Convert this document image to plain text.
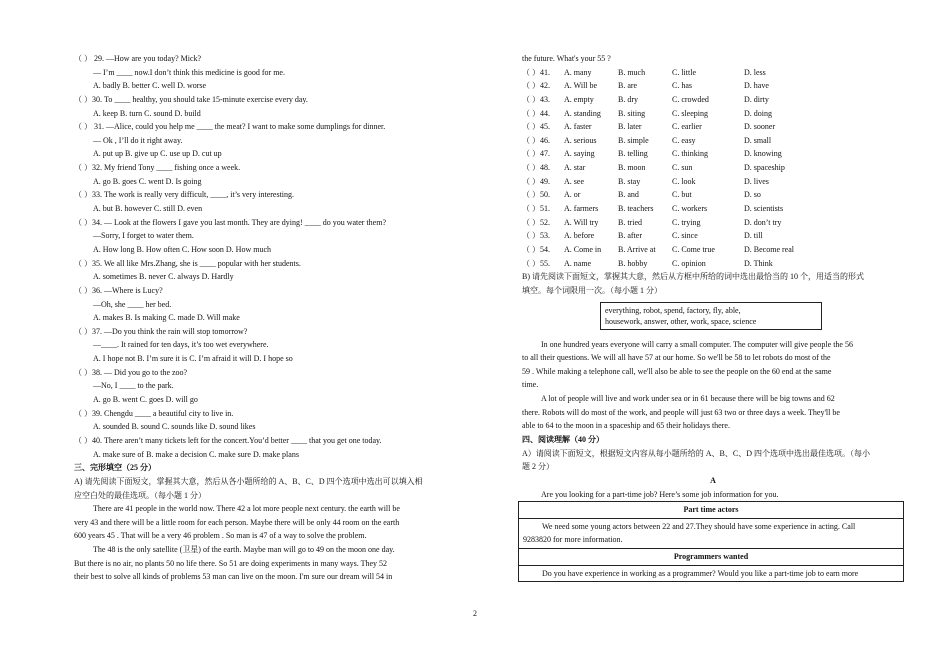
（ ） 29. —How are you today? Mick?
— I’m ____ now.I don’t think this medicine is good for me.
A. badly B. better C. well D. worse
（ ）30. To ____ healthy, you should take 15-minute exercise every day.
A. keep B. turn C. sound D. build
（ ） 31. —Alice, could you help me ____ the meat? I want to make some dumplings for dinner.
— Ok , I’ll do it right away.
A. put up B. give up C. use up D. cut up
（ ）32. My friend Tony ____ fishing once a week.
A. go B. goes C. went D. Is going
（ ）33. The work is really very difficult, ____, it’s very interesting.
A. but B. however C. still D. even
（ ）34. — Look at the flowers I gave you last month. They are dying! ____ do you water them?
—Sorry, I forget to water them.
A. How long B. How often C. How soon D. How much
（ ）35. We all like Mrs.Zhang, she is ____ popular with her students.
A. sometimes B. never C. always D. Hardly
（ ）36. —Where is Lucy?
—Oh, she ____ her bed.
A. makes B. Is making C. made D. Will make
（ ）37. —Do you think the rain will stop tomorrow?
—____. It rained for ten days, it’s too wet everywhere.
A. I hope not B. I’m sure it is C. I’m afraid it will D. I hope so
（ ）38. — Did you go to the zoo?
—No, I ____ to the park.
A. go B. went C. goes D. will go
（ ）39. Chengdu ____ a beautiful city to live in.
A. sounded B. sound C. sounds like D. sound likes
（ ）40. There aren’t many tickets left for the concert.You’d better ____ that you get one today.
A. make sure of B. make a decision C. make sure D. make plans
三、完形填空（25 分）
A) 请先阅读下面短文，掌握其大意，然后从各小题所给的 A、B、C、D 四个选项中选出可以填入相
应空白处的最佳选项。（每小题 1 分）
There are 41 people in the world now. There 42 a lot more people next century. the earth will be
very 43 and there will be a little room for each person. Maybe there will be only 44 room on the earth
600 years 45 . That will be a very 46 problem . So man is 47 of a way to solve the problem.
The 48 is the only satellite (卫星) of the earth. Maybe man will go to 49 on the moon one day.
But there is no air, no plants 50 no life there. So 51 are doing experiments in many ways. They 52
their best to solve all kinds of problems 53 man can live on the moon. I'm sure our dream will 54 in
the future. What's your 55 ?
（ ）41. A. many	B. much	C. little	D. less
（ ）42. A. Will be	B. are	C. has	D. have
（ ）43. A. empty	B. dry	C. crowded	D. dirty
（ ）44. A. standing B. siting	C. sleeping	D. doing
（ ）45. A. faster	B. later	C. earlier	D. sooner
（ ）46. A. serious	B. simple	C. easy	D. small
（ ）47. A. saying	B. telling	C. thinking	D. knowing
（ ）48. A. star	B. moon	C. sun	D. spaceship
（ ）49. A. see	B. stay	C. look	D. lives
（ ）50. A. or	B. and	C. but	D. so
（ ）51. A. farmers B. teachers C. workers	D. scientists
（ ）52. A. Will try B. tried	C. trying	D. don’t try
（ ）53. A. before	B. after	C. since	D. till
（ ）54. A. Come in B. Arrive at C. Come true	D. Become real
（ ）55. A. name	B. hobby	C. opinion	D. Think
B) 请先阅读下面短文，掌握其大意，然后从方框中所给的词中选出最恰当的 10 个，用适当的形式
填空。每个词限用一次。（每小题 1 分）
everything, robot, spend, factory, fly, able,
housework, answer, other, work, space, science
In one hundred years everyone will carry a small computer. The computer will give people the 56
to all their questions. We will all have 57 at our home. So we'll be 58 to let robots do most of the
59 . While making a telephone call, we'll also be able to see the people on the 60 end at the same
time.
A lot of people will live and work under sea or in 61 because there will be big towns and 62
there. Robots will do most of the work, and people will just 63 two or three days a week. They'll be
able to 64 to the moon in a spaceship and 65 their holidays there.
四、阅读理解（40 分）
A）请阅读下面短文，根据短文内容从每小题所给的 A、B、C、D 四个选项中选出最佳选项。（每小
题 2 分）
A
Are you looking for a part-time job? Here’s some job information for you.
Part time actors

We need some young actors between 22 and 27.They should have some experience in acting. Call
9283820 for more information.

Programmers wanted

Do you have experience in working as a programmer? Would you like a part-time job to earn more
2
